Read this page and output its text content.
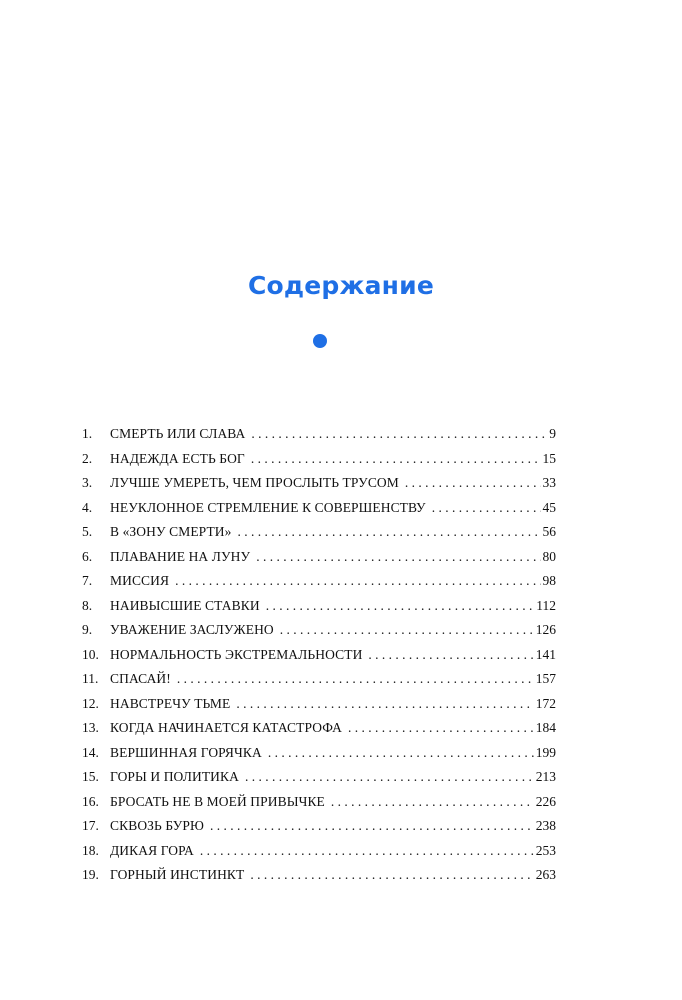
Содержание
1.	СМЕРТЬ ИЛИ СЛАВА . . .	9
2.	НАДЕЖДА ЕСТЬ БОГ . . .	15
3.	ЛУЧШЕ УМЕРЕТЬ, ЧЕМ ПРОСЛЫТЬ ТРУСОМ . . .	33
4.	НЕУКЛОННОЕ СТРЕМЛЕНИЕ К СОВЕРШЕНСТВУ . . .	45
5.	В «ЗОНУ СМЕРТИ» . . .	56
6.	ПЛАВАНИЕ НА ЛУНУ . . .	80
7.	МИССИЯ . . .	98
8.	НАИВЫСШИЕ СТАВКИ . . .	112
9.	УВАЖЕНИЕ ЗАСЛУЖЕНО . . .	126
10. НОРМАЛЬНОСТЬ ЭКСТРЕМАЛЬНОСТИ . . .	141
11. СПАСАЙ! . . .	157
12. НАВСТРЕЧУ ТЬМЕ . . .	172
13. КОГДА НАЧИНАЕТСЯ КАТАСТРОФА . . .	184
14. ВЕРШИННАЯ ГОРЯЧКА . . .	199
15. ГОРЫ И ПОЛИТИКА . . .	213
16. БРОСАТЬ НЕ В МОЕЙ ПРИВЫЧКЕ . . .	226
17. СКВОЗЬ БУРЮ . . .	238
18. ДИКАЯ ГОРА . . .	253
19. ГОРНЫЙ ИНСТИНКТ . . .	263
